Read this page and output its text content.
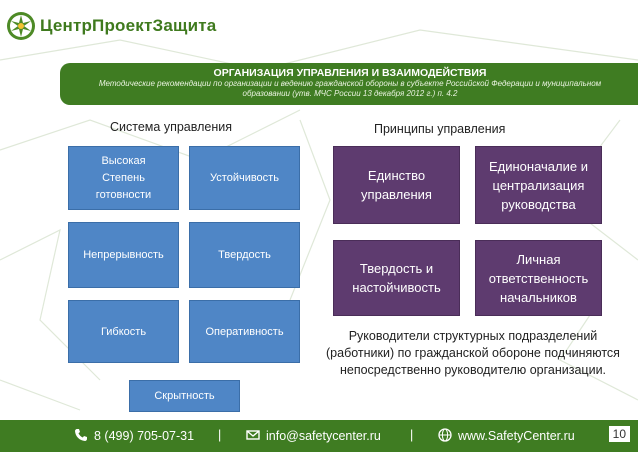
ЦентрПроектЗащита
ОРГАНИЗАЦИЯ УПРАВЛЕНИЯ И ВЗАИМОДЕЙСТВИЯ
Методические рекомендации по организации и ведению гражданской обороны в субъекте Российской Федерации и муниципальном образовании (утв. МЧС России 13 декабря 2012 г.) п. 4.2
Система управления	Принципы управления
Высокая Степень готовности
Устойчивость
Непрерывность	Твердость
Гибкость	Оперативность
Скрытность
Единство управления
Единоначалие и централизация руководства
Твердость и настойчивость
Личная ответственность начальников
Руководители структурных подразделений (работники) по гражданской обороне подчиняются непосредственно руководителю организации.
8 (499) 705-07-31 |	info@safetycenter.ru |	www.SafetyCenter.ru	10
